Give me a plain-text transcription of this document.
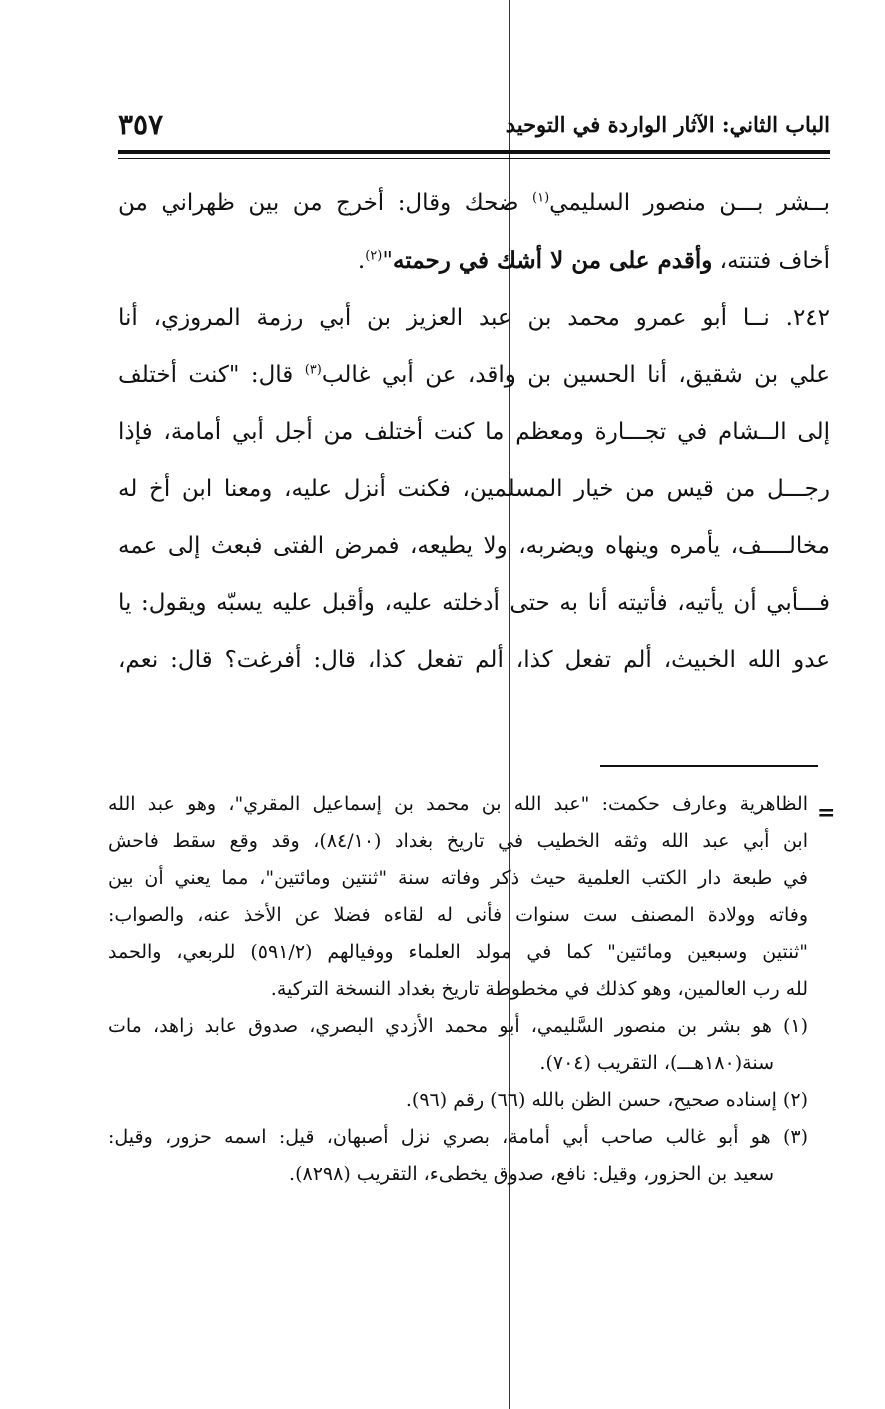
الباب الثاني: الآثار الواردة في التوحيد
٣٥٧
بــشر بـــن منصور السليمي$^{(١)}$ ضحك وقال: أخرج من بين ظهراني من
أخاف فتنته، وأقدم على من لا أشك في رحمته"$^{(٢)}$.
٢٤٢. نــا أبو عمرو محمد بن عبد العزيز بن أبي رزمة المروزي، أنا
علي بن شقيق، أنا الحسين بن واقد، عن أبي غالب$^{(٣)}$ قال: "كنت أختلف
إلى الــشام في تجـــارة ومعظم ما كنت أختلف من أجل أبي أمامة، فإذا
رجـــل من قيس من خيار المسلمين، فكنت أنزل عليه، ومعنا ابن أخ له
مخالــــف، يأمره وينهاه ويضربه، ولا يطيعه، فمرض الفتى فبعث إلى عمه
فـــأبي أن يأتيه، فأتيته أنا به حتى أدخلته عليه، وأقبل عليه يسبّه ويقول: يا
عدو الله الخبيث، ألم تفعل كذا، ألم تفعل كذا، قال: أفرغت؟ قال: نعم،
=
الظاهرية وعارف حكمت: "عبد الله بن محمد بن إسماعيل المقري"، وهو عبد الله
ابن أبي عبد الله وثقه الخطيب في تاريخ بغداد (٨٤/١٠)، وقد وقع سقط فاحش
في طبعة دار الكتب العلمية حيث ذكر وفاته سنة "ثنتين ومائتين"، مما يعني أن بين
وفاته وولادة المصنف ست سنوات فأنى له لقاءه فضلا عن الأخذ عنه، والصواب:
"ثنتين وسبعين ومائتين" كما في مولد العلماء ووفيالهم (٥٩١/٢) للربعي، والحمد
لله رب العالمين، وهو كذلك في مخطوطة تاريخ بغداد النسخة التركية.
(١) هو بشر بن منصور السَّليمي، أبو محمد الأزدي البصري، صدوق عابد زاهد، مات
سنة(١٨٠هـــ)، التقريب (٧٠٤).
(٢) إسناده صحيح، حسن الظن بالله (٦٦) رقم (٩٦).
(٣) هو أبو غالب صاحب أبي أمامة، بصري نزل أصبهان، قيل: اسمه حزور، وقيل:
سعيد بن الحزور، وقيل: نافع، صدوق يخطىء، التقريب (٨٢٩٨).
